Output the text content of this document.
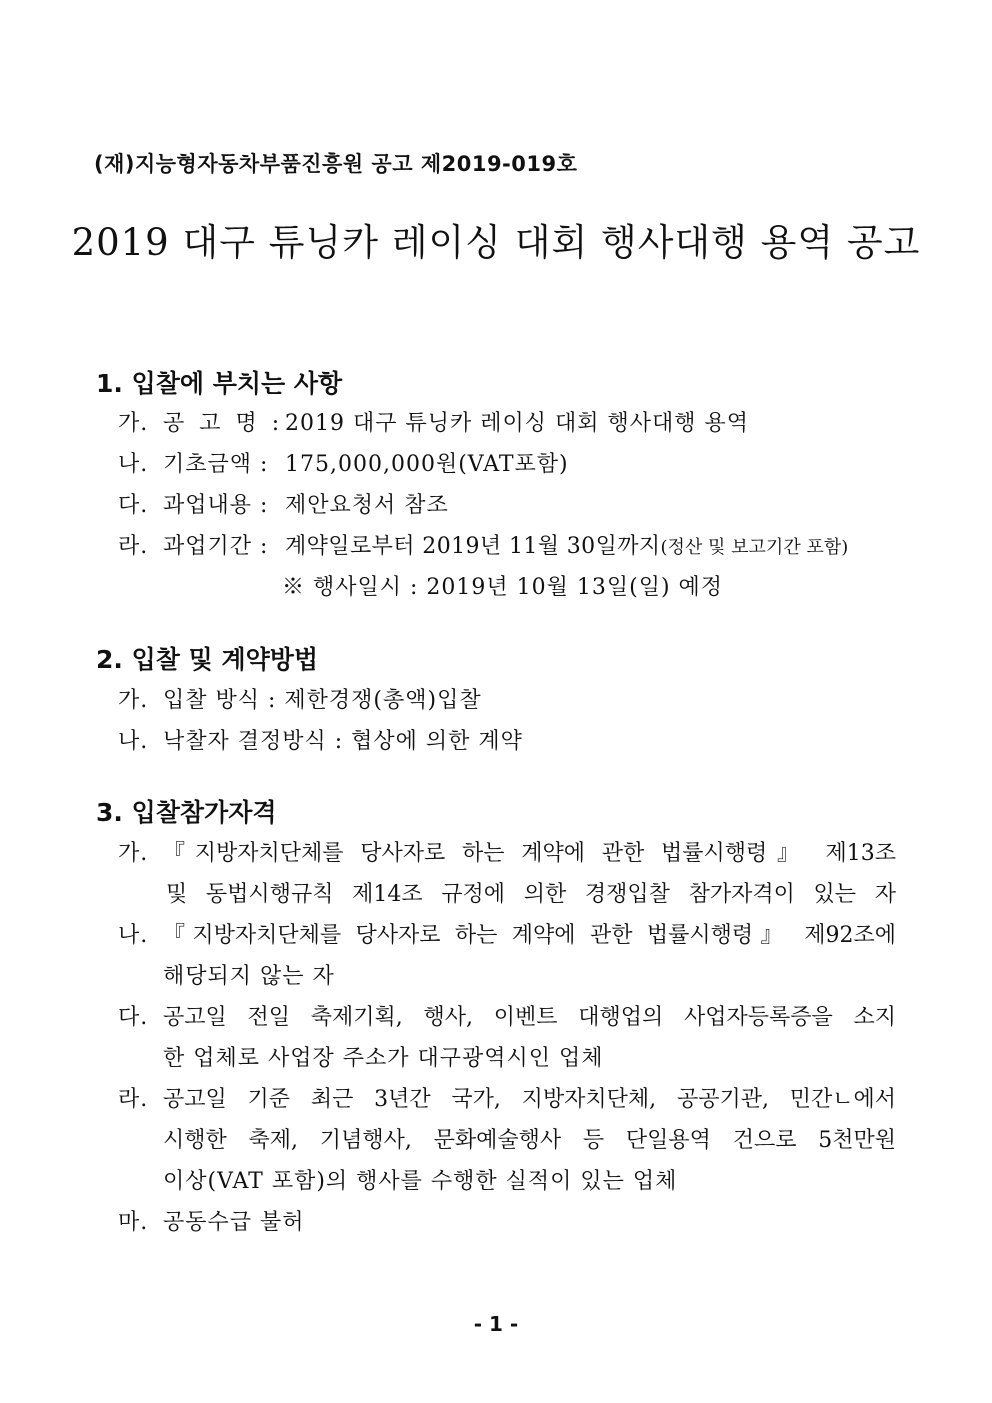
(재)지능형자동차부품진흥원 공고 제2019-019호
2019 대구 튜닝카 레이싱 대회 행사대행 용역 공고
1. 입찰에 부치는 사항
가. 공 고 명 : 2019 대구 튜닝카 레이싱 대회 행사대행 용역
나. 기초금액 : 175,000,000원(VAT포함)
다. 과업내용 : 제안요청서 참조
라. 과업기간 : 계약일로부터 2019년 11월 30일까지(정산 및 보고기간 포함)
※ 행사일시 : 2019년 10월 13일(일) 예정
2. 입찰 및 계약방법
가. 입찰 방식 : 제한경쟁(총액)입찰
나. 낙찰자 결정방식 : 협상에 의한 계약
3. 입찰참가자격
가. 『지방자치단체를 당사자로 하는 계약에 관한 법률시행령』 제13조
및 동법시행규칙 제14조 규정에 의한 경쟁입찰 참가자격이 있는 자
나. 『지방자치단체를 당사자로 하는 계약에 관한 법률시행령』 제92조에
해당되지 않는 자
다. 공고일 전일 축제기획, 행사, 이벤트 대행업의 사업자등록증을 소지
한 업체로 사업장 주소가 대구광역시인 업체
라. 공고일 기준 최근 3년간 국가, 지방자치단체, 공공기관, 민간ㄴ에서
시행한 축제, 기념행사, 문화예술행사 등 단일용역 건으로 5천만원
이상(VAT 포함)의 행사를 수행한 실적이 있는 업체
마. 공동수급 불허
- 1 -
